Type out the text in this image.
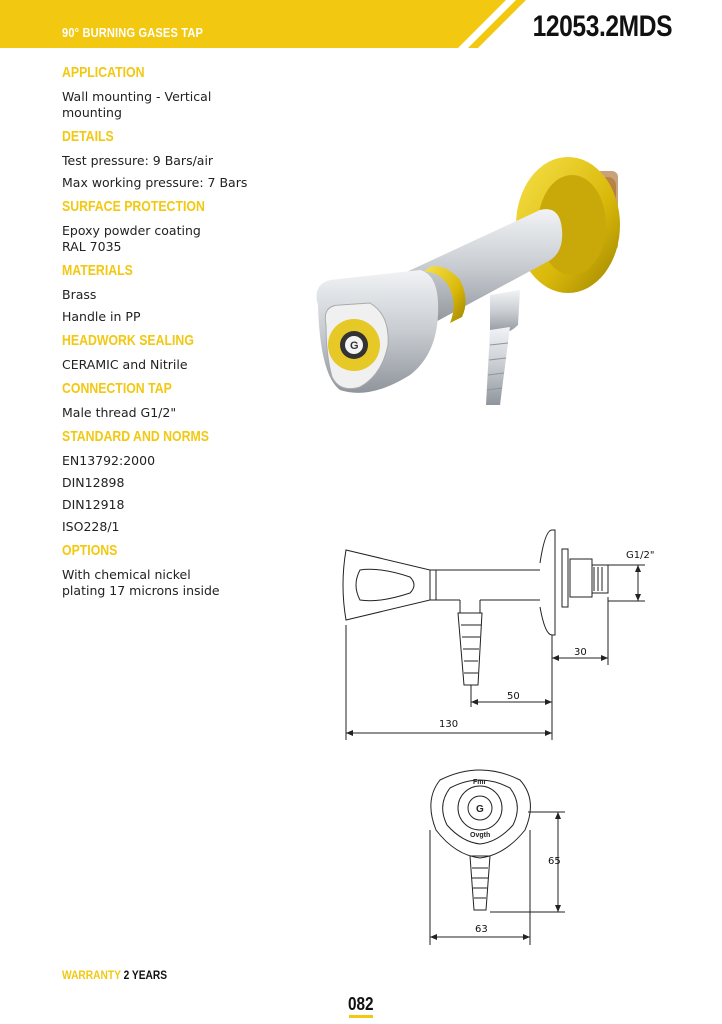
90° BURNING GASES TAP	12053.2MDS
APPLICATION
Wall mounting - Vertical mounting
DETAILS
Test pressure: 9 Bars/air
Max working pressure: 7 Bars
SURFACE PROTECTION
Epoxy powder coating RAL 7035
MATERIALS
Brass
Handle in PP
HEADWORK SEALING
CERAMIC and Nitrile
CONNECTION TAP
Male thread G1/2"
STANDARD AND NORMS
EN13792:2000
DIN12898
DIN12918
ISO228/1
OPTIONS
With chemical nickel plating 17 microns inside
G
G1/2"
30
50
130
G
Fmr
Ovgth
65
63
WARRANTY 2 YEARS
082
